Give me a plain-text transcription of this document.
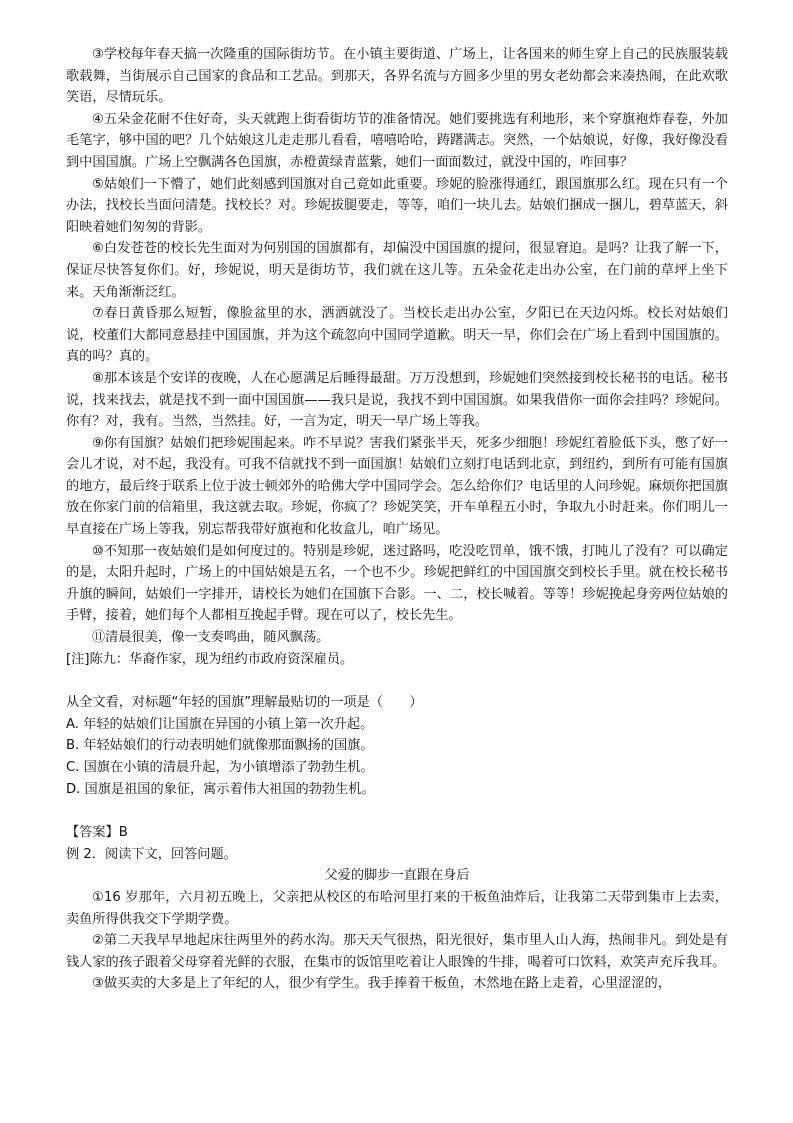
③学校每年春天搞一次隆重的国际街坊节。在小镇主要街道、广场上，让各国来的师生穿上自己的民族服装载歌载舞，当街展示自己国家的食品和工艺品。到那天，各界名流与方圆多少里的男女老幼都会来凑热闹，在此欢歌笑语，尽情玩乐。

④五朵金花耐不住好奇，头天就跑上街看街坊节的准备情况。她们要挑选有利地形，来个穿旗袍炸春卷，外加毛笔字，够中国的吧？几个姑娘这儿走走那儿看看，嘻嘻哈哈，踌躇满志。突然，一个姑娘说，好像，我好像没看到中国国旗。广场上空飘满各色国旗，赤橙黄绿青蓝紫，她们一面面数过，就没中国的，咋回事？

⑤姑娘们一下懵了，她们此刻感到国旗对自己竟如此重要。珍妮的脸涨得通红，跟国旗那么红。现在只有一个办法，找校长当面问清楚。找校长？对。珍妮拔腿要走，等等，咱们一块儿去。姑娘们捆成一捆儿，碧草蓝天，斜阳映着她们匆匆的背影。

⑥白发苍苍的校长先生面对为何别国的国旗都有，却偏没中国国旗的提问，很显窘迫。是吗？让我了解一下，保证尽快答复你们。好，珍妮说，明天是街坊节，我们就在这儿等。五朵金花走出办公室，在门前的草坪上坐下来。天角渐渐泛红。

⑦春日黄昏那么短暂，像脸盆里的水，洒洒就没了。当校长走出办公室，夕阳已在天边闪烁。校长对姑娘们说，校董们大都同意悬挂中国国旗，并为这个疏忽向中国同学道歉。明天一早，你们会在广场上看到中国国旗的。真的吗？真的。

⑧那本该是个安详的夜晚，人在心愿满足后睡得最甜。万万没想到，珍妮她们突然接到校长秘书的电话。秘书说，找来找去，就是找不到一面中国国旗——我只是说，我找不到中国国旗。如果我借你一面你会挂吗？珍妮问。你有？对，我有。当然，当然挂。好，一言为定，明天一早广场上等我。

⑨你有国旗？姑娘们把珍妮围起来。咋不早说？害我们紧张半天，死多少细胞！珍妮红着脸低下头，憋了好一会儿才说，对不起，我没有。可我不信就找不到一面国旗！姑娘们立刻打电话到北京，到纽约，到所有可能有国旗的地方，最后终于联系上位于波士顿郊外的哈佛大学中国同学会。怎么给你们？电话里的人问珍妮。麻烦你把国旗放在你家门前的信箱里，我这就去取。珍妮，你疯了？珍妮笑笑，开车单程五小时，争取九小时赶来。你们明儿一早直接在广场上等我，别忘帮我带好旗袍和化妆盒儿，咱广场见。

⑩不知那一夜姑娘们是如何度过的。特别是珍妮，迷过路吗，吃没吃罚单，饿不饿，打盹儿了没有？可以确定的是，太阳升起时，广场上的中国姑娘是五名，一个也不少。珍妮把鲜红的中国国旗交到校长手里。就在校长秘书升旗的瞬间，姑娘们一字排开，请校长为她们在国旗下合影。一、二，校长喊着。等等！珍妮挽起身旁两位姑娘的手臂，接着，她们每个人都相互挽起手臂。现在可以了，校长先生。

⑪清晨很美，像一支奏鸣曲，随风飘荡。

[注]陈九：华裔作家，现为纽约市政府资深雇员。

从全文看，对标题“年轻的国旗”理解最贴切的一项是（　　）

A. 年轻的姑娘们让国旗在异国的小镇上第一次升起。

B. 年轻姑娘们的行动表明她们就像那面飘扬的国旗。

C. 国旗在小镇的清晨升起，为小镇增添了勃勃生机。

D. 国旗是祖国的象征，寓示着伟大祖国的勃勃生机。

【答案】B

例 2．阅读下文，回答问题。

父爱的脚步一直跟在身后

①16 岁那年，六月初五晚上，父亲把从校区的布哈河里打来的干板鱼油炸后，让我第二天带到集市上去卖，卖鱼所得供我交下学期学费。

②第二天我早早地起床往两里外的药水沟。那天天气很热，阳光很好，集市里人山人海，热闹非凡。到处是有钱人家的孩子跟着父母穿着光鲜的衣服，在集市的饭馆里吃着让人眼馋的牛排，喝着可口饮料，欢笑声充斥我耳。

③做买卖的大多是上了年纪的人，很少有学生。我手捧着干板鱼，木然地在路上走着，心里涩涩的，
